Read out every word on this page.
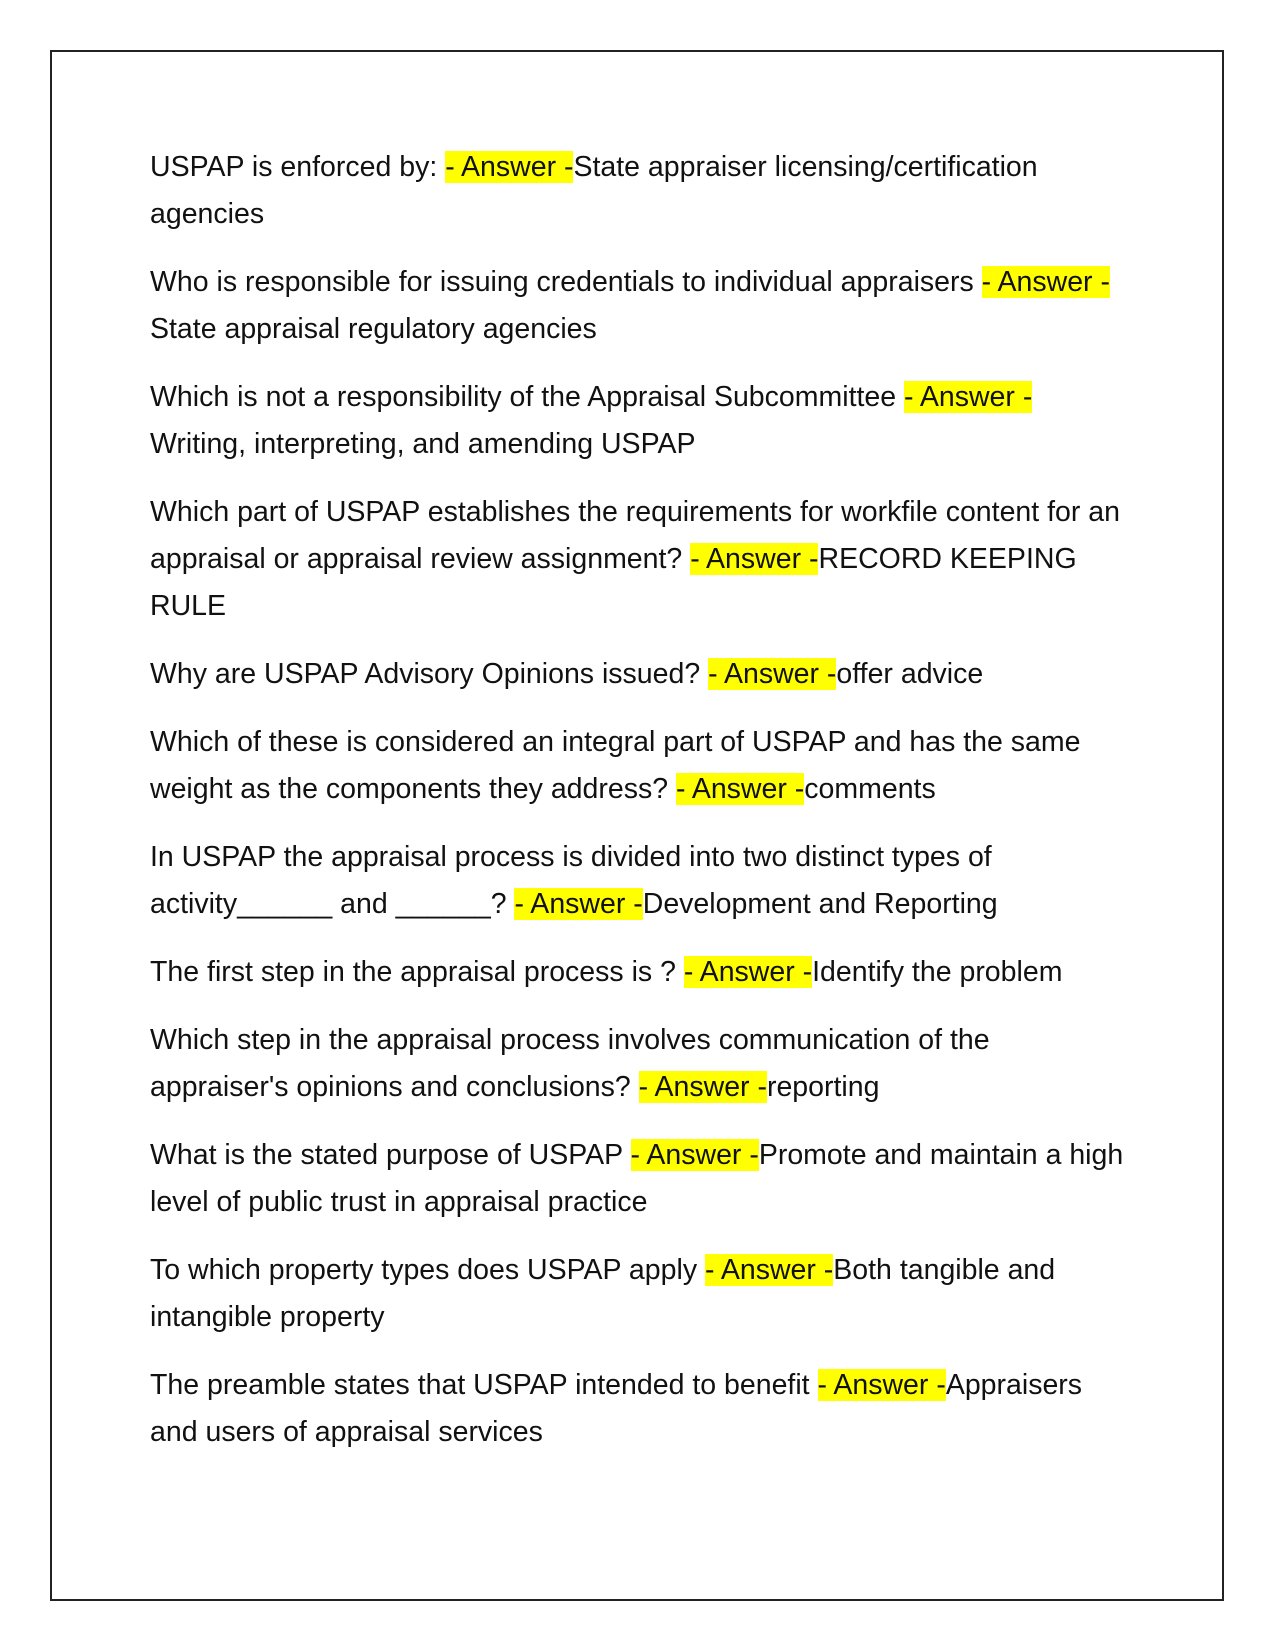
USPAP is enforced by: - Answer -State appraiser licensing/certification agencies

Who is responsible for issuing credentials to individual appraisers - Answer -State appraisal regulatory agencies

Which is not a responsibility of the Appraisal Subcommittee - Answer -Writing, interpreting, and amending USPAP

Which part of USPAP establishes the requirements for workfile content for an appraisal or appraisal review assignment? - Answer -RECORD KEEPING RULE

Why are USPAP Advisory Opinions issued? - Answer -offer advice

Which of these is considered an integral part of USPAP and has the same weight as the components they address? - Answer -comments

In USPAP the appraisal process is divided into two distinct types of activity______ and ______? - Answer -Development and Reporting

The first step in the appraisal process is ? - Answer -Identify the problem

Which step in the appraisal process involves communication of the appraiser's opinions and conclusions? - Answer -reporting

What is the stated purpose of USPAP - Answer -Promote and maintain a high level of public trust in appraisal practice

To which property types does USPAP apply - Answer -Both tangible and intangible property

The preamble states that USPAP intended to benefit - Answer -Appraisers and users of appraisal services
